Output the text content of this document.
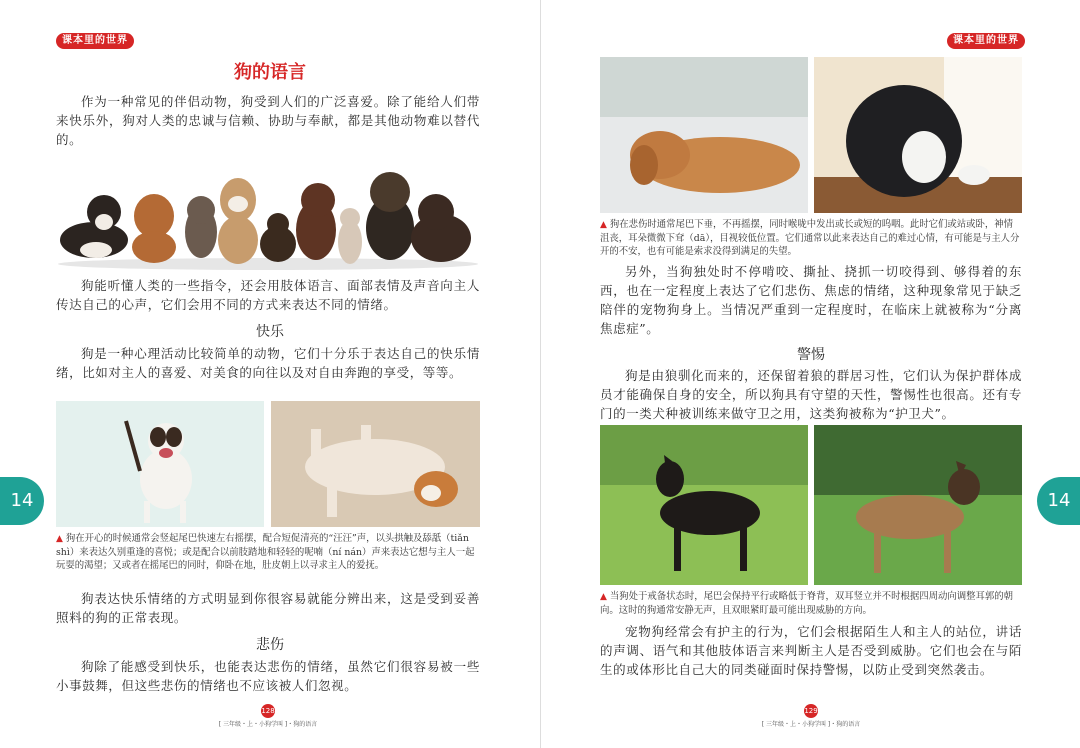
课本里的世界
狗的语言
作为一种常见的伴侣动物，狗受到人们的广泛喜爱。除了能给人们带来快乐外，狗对人类的忠诚与信赖、协助与奉献，都是其他动物难以替代的。
狗能听懂人类的一些指令，还会用肢体语言、面部表情及声音向主人传达自己的心声，它们会用不同的方式来表达不同的情绪。
快乐
狗是一种心理活动比较简单的动物，它们十分乐于表达自己的快乐情绪，比如对主人的喜爱、对美食的向往以及对自由奔跑的享受，等等。
▲ 狗在开心的时候通常会竖起尾巴快速左右摇摆，配合短促清亮的“汪汪”声，以头拱触及舔舐（tiǎn shì）来表达久别重逢的喜悦；或是配合以前肢踏地和轻轻的呢喃（ní nán）声来表达它想与主人一起玩耍的渴望；又或者在摇尾巴的同时，仰卧在地，肚皮朝上以寻求主人的爱抚。
狗表达快乐情绪的方式明显到你很容易就能分辨出来，这是受到妥善照料的狗的正常表现。
悲伤
狗除了能感受到快乐，也能表达悲伤的情绪，虽然它们很容易被一些小事鼓舞，但这些悲伤的情绪也不应该被人们忽视。
14
128
[ 三年级・上・小狗学叫 ]・狗的语言
课本里的世界
▲ 狗在悲伤时通常尾巴下垂，不再摇摆，同时喉咙中发出或长或短的呜咽。此时它们或站或卧，神情沮丧，耳朵微微下耷（dā），目视较低位置。它们通常以此来表达自己的难过心情，有可能是与主人分开的不安，也有可能是索求没得到满足的失望。
另外，当狗独处时不停啃咬、撕扯、挠抓一切咬得到、够得着的东西，也在一定程度上表达了它们悲伤、焦虑的情绪，这种现象常见于缺乏陪伴的宠物狗身上。当情况严重到一定程度时，在临床上就被称为“分离焦虑症”。
警惕
狗是由狼驯化而来的，还保留着狼的群居习性，它们认为保护群体成员才能确保自身的安全，所以狗具有守望的天性，警惕性也很高。还有专门的一类犬种被训练来做守卫之用，这类狗被称为“护卫犬”。
▲ 当狗处于戒备状态时，尾巴会保持平行或略低于脊背，双耳竖立并不时根据四周动向调整耳郭的朝向。这时的狗通常安静无声，且双眼紧盯最可能出现威胁的方向。
宠物狗经常会有护主的行为，它们会根据陌生人和主人的站位，讲话的声调、语气和其他肢体语言来判断主人是否受到威胁。它们也会在与陌生的或体形比自己大的同类碰面时保持警惕，以防止受到突然袭击。
14
129
[ 三年级・上・小狗学叫 ]・狗的语言
